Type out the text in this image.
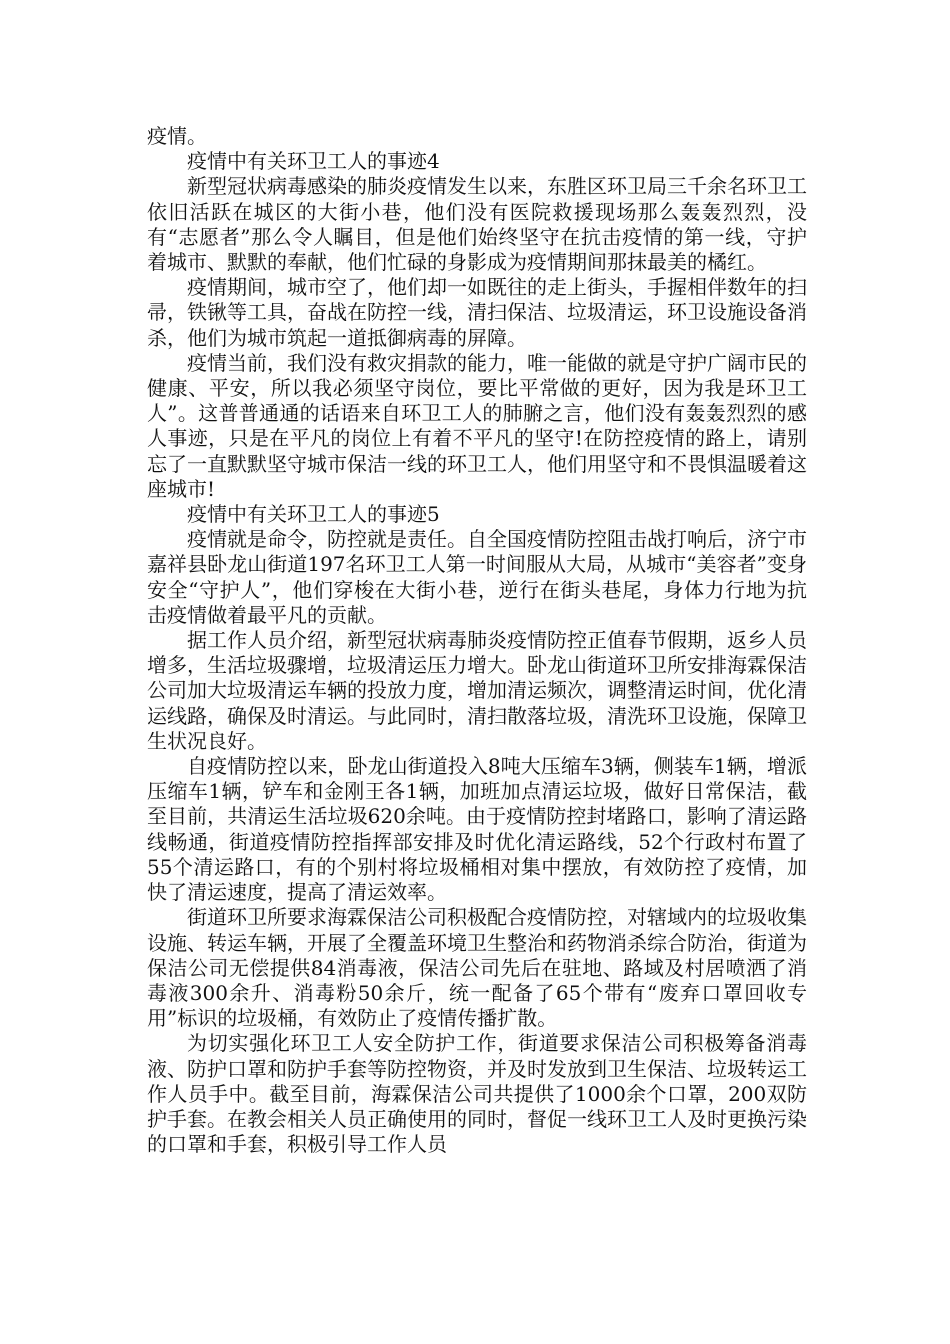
疫情。

疫情中有关环卫工人的事迹4

新型冠状病毒感染的肺炎疫情发生以来，东胜区环卫局三千余名环卫工依旧活跃在城区的大街小巷，他们没有医院救援现场那么轰轰烈烈，没有“志愿者”那么令人瞩目，但是他们始终坚守在抗击疫情的第一线，守护着城市、默默的奉献，他们忙碌的身影成为疫情期间那抹最美的橘红。

疫情期间，城市空了，他们却一如既往的走上街头，手握相伴数年的扫帚，铁锹等工具，奋战在防控一线，清扫保洁、垃圾清运，环卫设施设备消杀，他们为城市筑起一道抵御病毒的屏障。

疫情当前，我们没有救灾捐款的能力，唯一能做的就是守护广阔市民的健康、平安，所以我必须坚守岗位，要比平常做的更好，因为我是环卫工人”。这普普通通的话语来自环卫工人的肺腑之言，他们没有轰轰烈烈的感人事迹，只是在平凡的岗位上有着不平凡的坚守!在防控疫情的路上，请别忘了一直默默坚守城市保洁一线的环卫工人，他们用坚守和不畏惧温暖着这座城市!

疫情中有关环卫工人的事迹5

疫情就是命令，防控就是责任。自全国疫情防控阻击战打响后，济宁市嘉祥县卧龙山街道197名环卫工人第一时间服从大局，从城市“美容者”变身安全“守护人”，他们穿梭在大街小巷，逆行在街头巷尾，身体力行地为抗击疫情做着最平凡的贡献。

据工作人员介绍，新型冠状病毒肺炎疫情防控正值春节假期，返乡人员增多，生活垃圾骤增，垃圾清运压力增大。卧龙山街道环卫所安排海霖保洁公司加大垃圾清运车辆的投放力度，增加清运频次，调整清运时间，优化清运线路，确保及时清运。与此同时，清扫散落垃圾，清洗环卫设施，保障卫生状况良好。

自疫情防控以来，卧龙山街道投入8吨大压缩车3辆，侧装车1辆，增派压缩车1辆，铲车和金刚王各1辆，加班加点清运垃圾，做好日常保洁，截至目前，共清运生活垃圾620余吨。由于疫情防控封堵路口，影响了清运路线畅通，街道疫情防控指挥部安排及时优化清运路线，52个行政村布置了55个清运路口，有的个别村将垃圾桶相对集中摆放，有效防控了疫情，加快了清运速度，提高了清运效率。

街道环卫所要求海霖保洁公司积极配合疫情防控，对辖域内的垃圾收集设施、转运车辆，开展了全覆盖环境卫生整治和药物消杀综合防治，街道为保洁公司无偿提供84消毒液，保洁公司先后在驻地、路域及村居喷洒了消毒液300余升、消毒粉50余斤，统一配备了65个带有“废弃口罩回收专用”标识的垃圾桶，有效防止了疫情传播扩散。

为切实强化环卫工人安全防护工作，街道要求保洁公司积极筹备消毒液、防护口罩和防护手套等防控物资，并及时发放到卫生保洁、垃圾转运工作人员手中。截至目前，海霖保洁公司共提供了1000余个口罩，200双防护手套。在教会相关人员正确使用的同时，督促一线环卫工人及时更换污染的口罩和手套，积极引导工作人员
